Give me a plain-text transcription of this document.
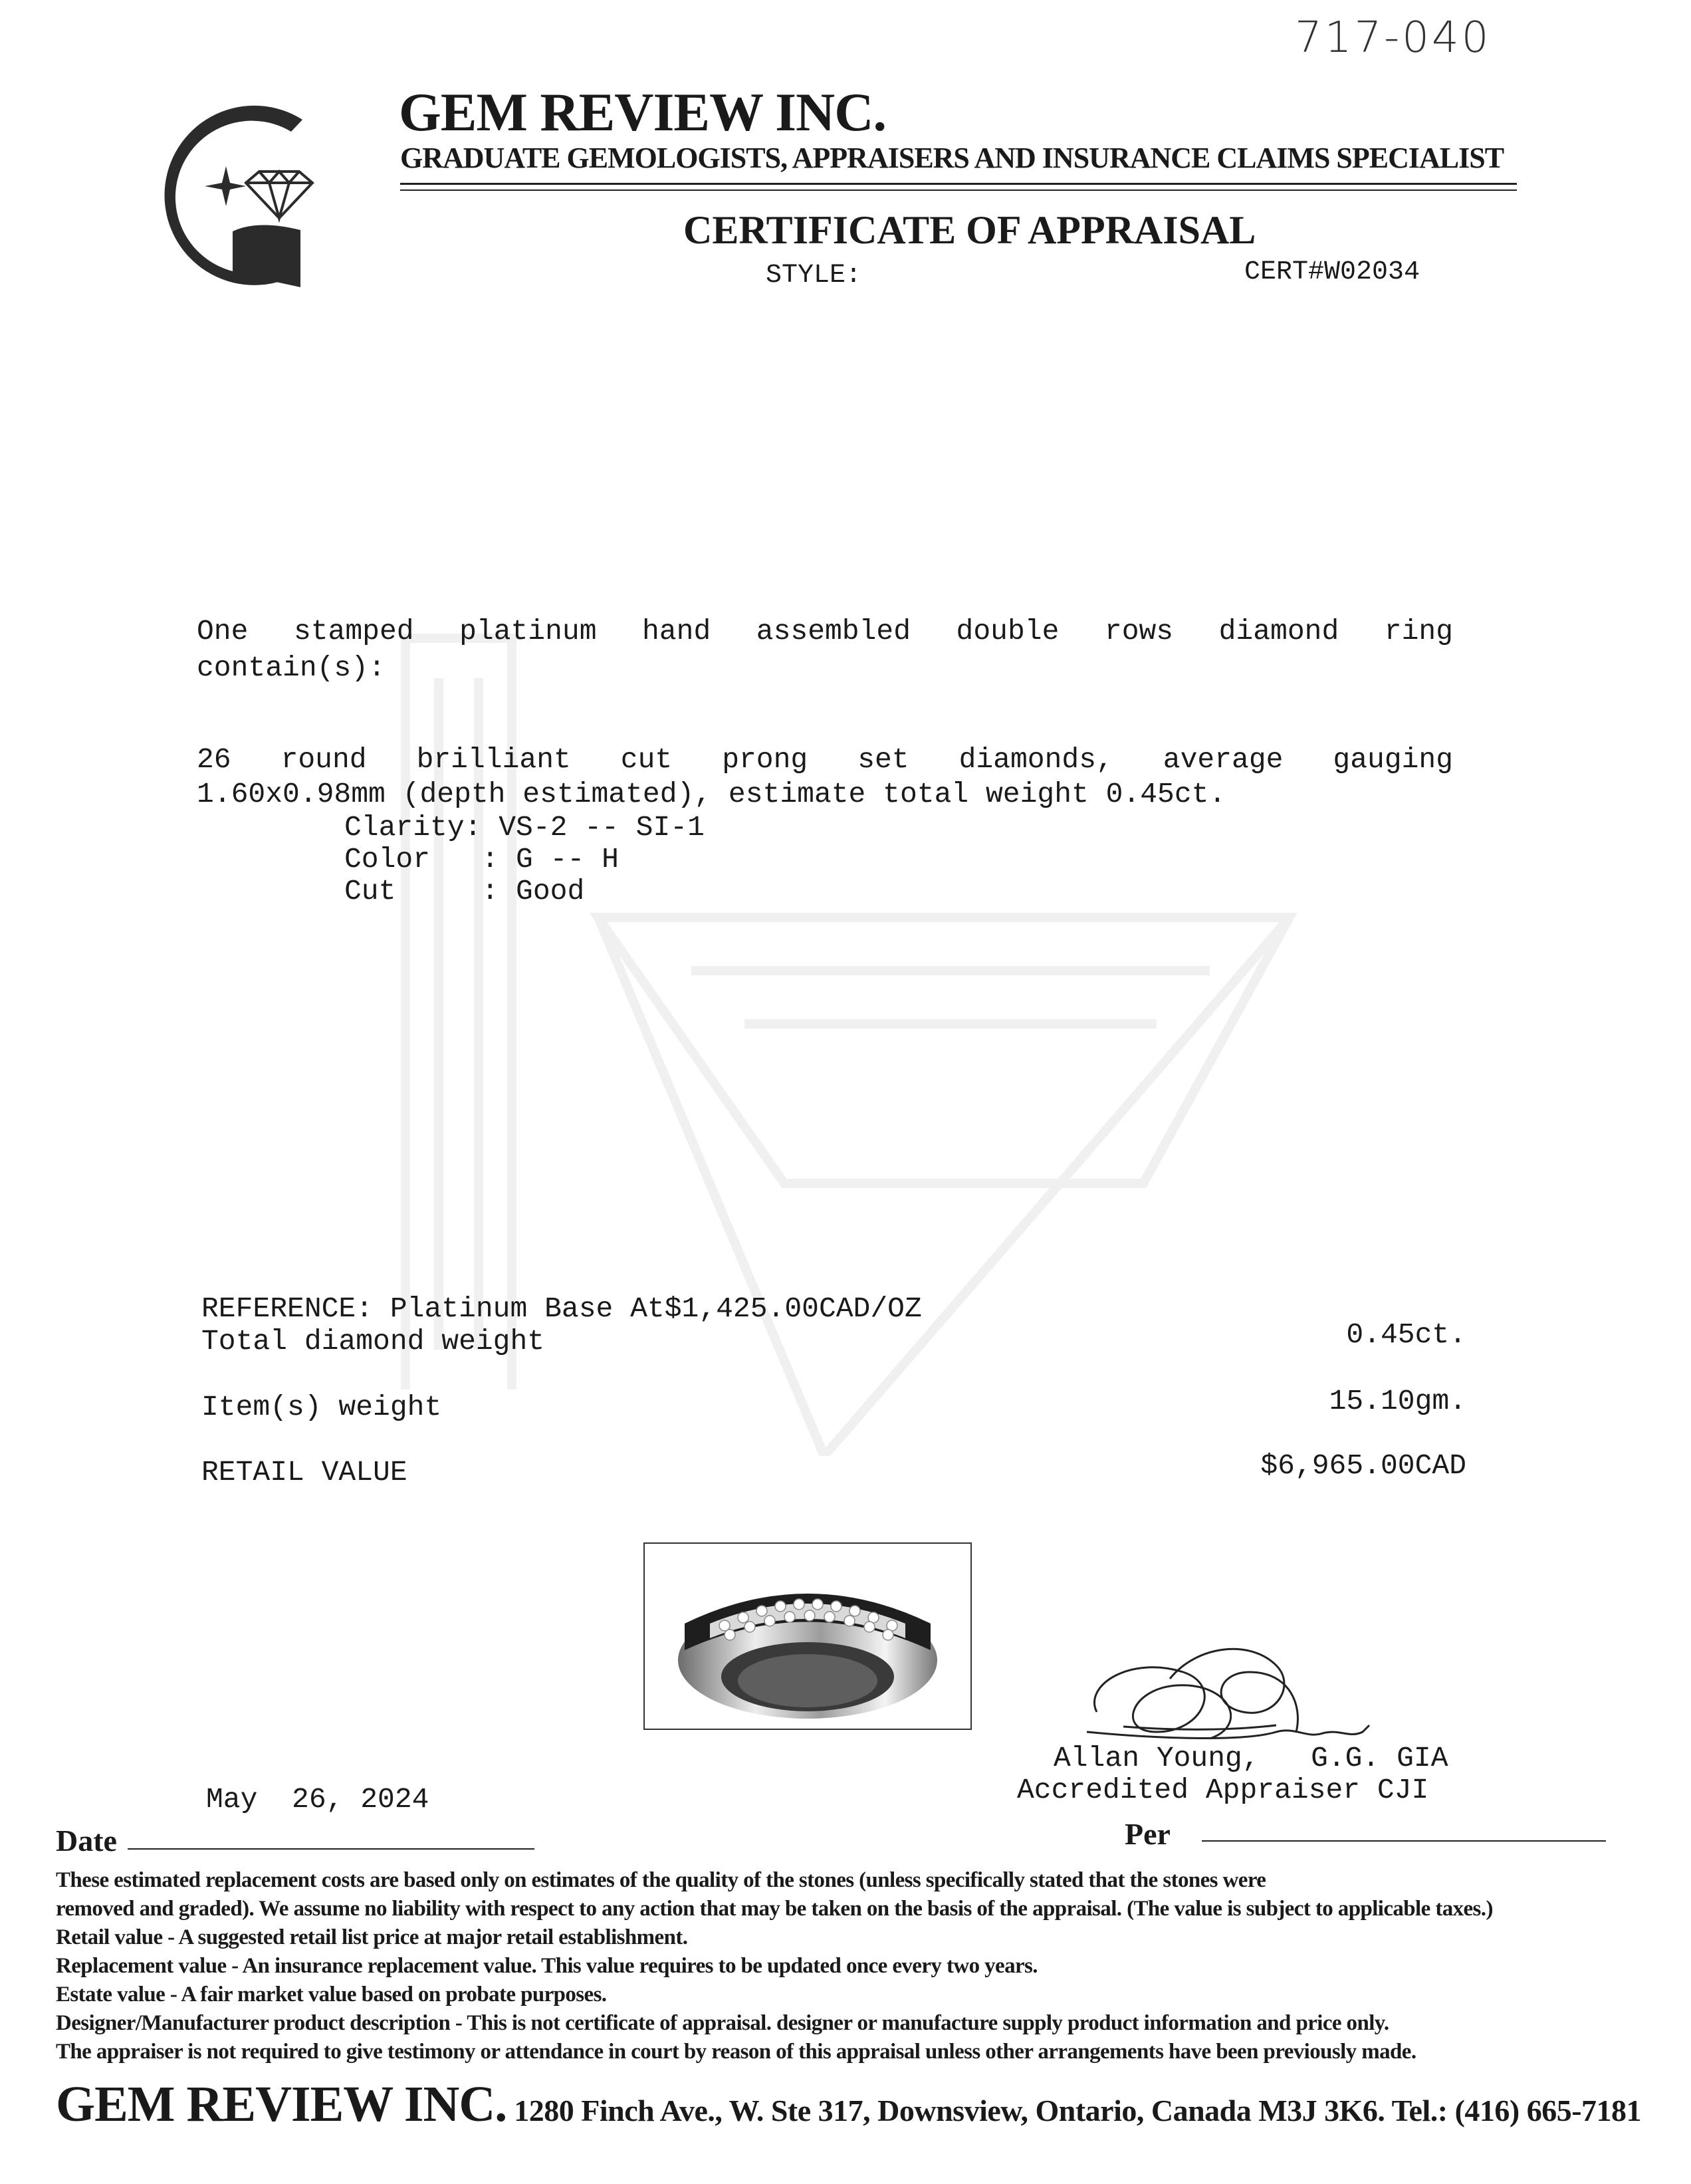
717-040
GEM REVIEW INC.
GRADUATE GEMOLOGISTS, APPRAISERS AND INSURANCE CLAIMS SPECIALIST
CERTIFICATE OF APPRAISAL
STYLE:	CERT#W02034
One stamped platinum hand assembled double rows diamond ring
contain(s):
26 round brilliant cut prong set diamonds, average gauging
1.60x0.98mm (depth estimated), estimate total weight 0.45ct.
Clarity: VS-2 -- SI-1
Color   : G -- H
Cut     : Good
REFERENCE: Platinum Base At$1,425.00CAD/OZ
Total diamond weight	0.45ct.
Item(s) weight	15.10gm.
RETAIL VALUE	$6,965.00CAD
Allan Young,   G.G. GIA
Accredited Appraiser CJI
May  26, 2024
Date	Per
These estimated replacement costs are based only on estimates of the quality of the stones (unless specifically stated that the stones were
removed and graded). We assume no liability with respect to any action that may be taken on the basis of the appraisal. (The value is subject to applicable taxes.)
Retail value - A suggested retail list price at major retail establishment.
Replacement value - An insurance replacement value. This value requires to be updated once every two years.
Estate value - A fair market value based on probate purposes.
Designer/Manufacturer product description - This is not certificate of appraisal. designer or manufacture supply product information and price only.
The appraiser is not required to give testimony or attendance in court by reason of this appraisal unless other arrangements have been previously made.
GEM REVIEW INC. 1280 Finch Ave., W. Ste 317, Downsview, Ontario, Canada M3J 3K6. Tel.: (416) 665-7181
